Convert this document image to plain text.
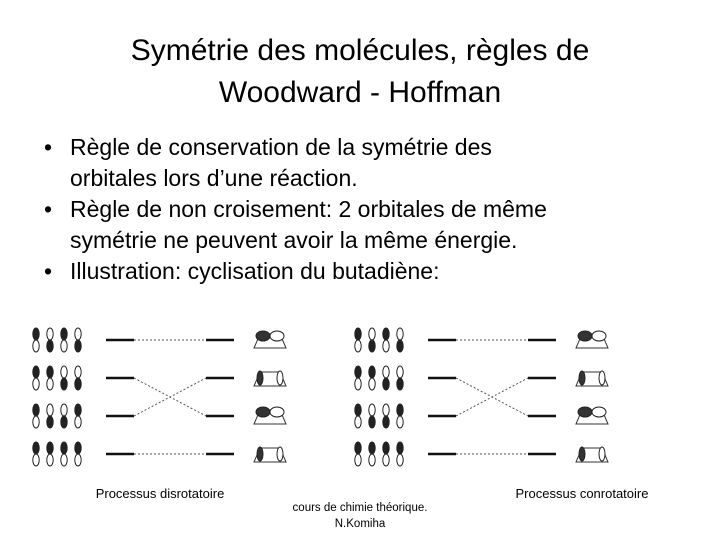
Symétrie des molécules, règles de
Woodward - Hoffman
• Règle de conservation de la symétrie des
orbitales lors d’une réaction.
• Règle de non croisement: 2 orbitales de même
symétrie ne peuvent avoir la même énergie.
• Illustration: cyclisation du butadiène:
Processus disrotatoire	Processus conrotatoire
cours de chimie théorique.
N.Komiha
